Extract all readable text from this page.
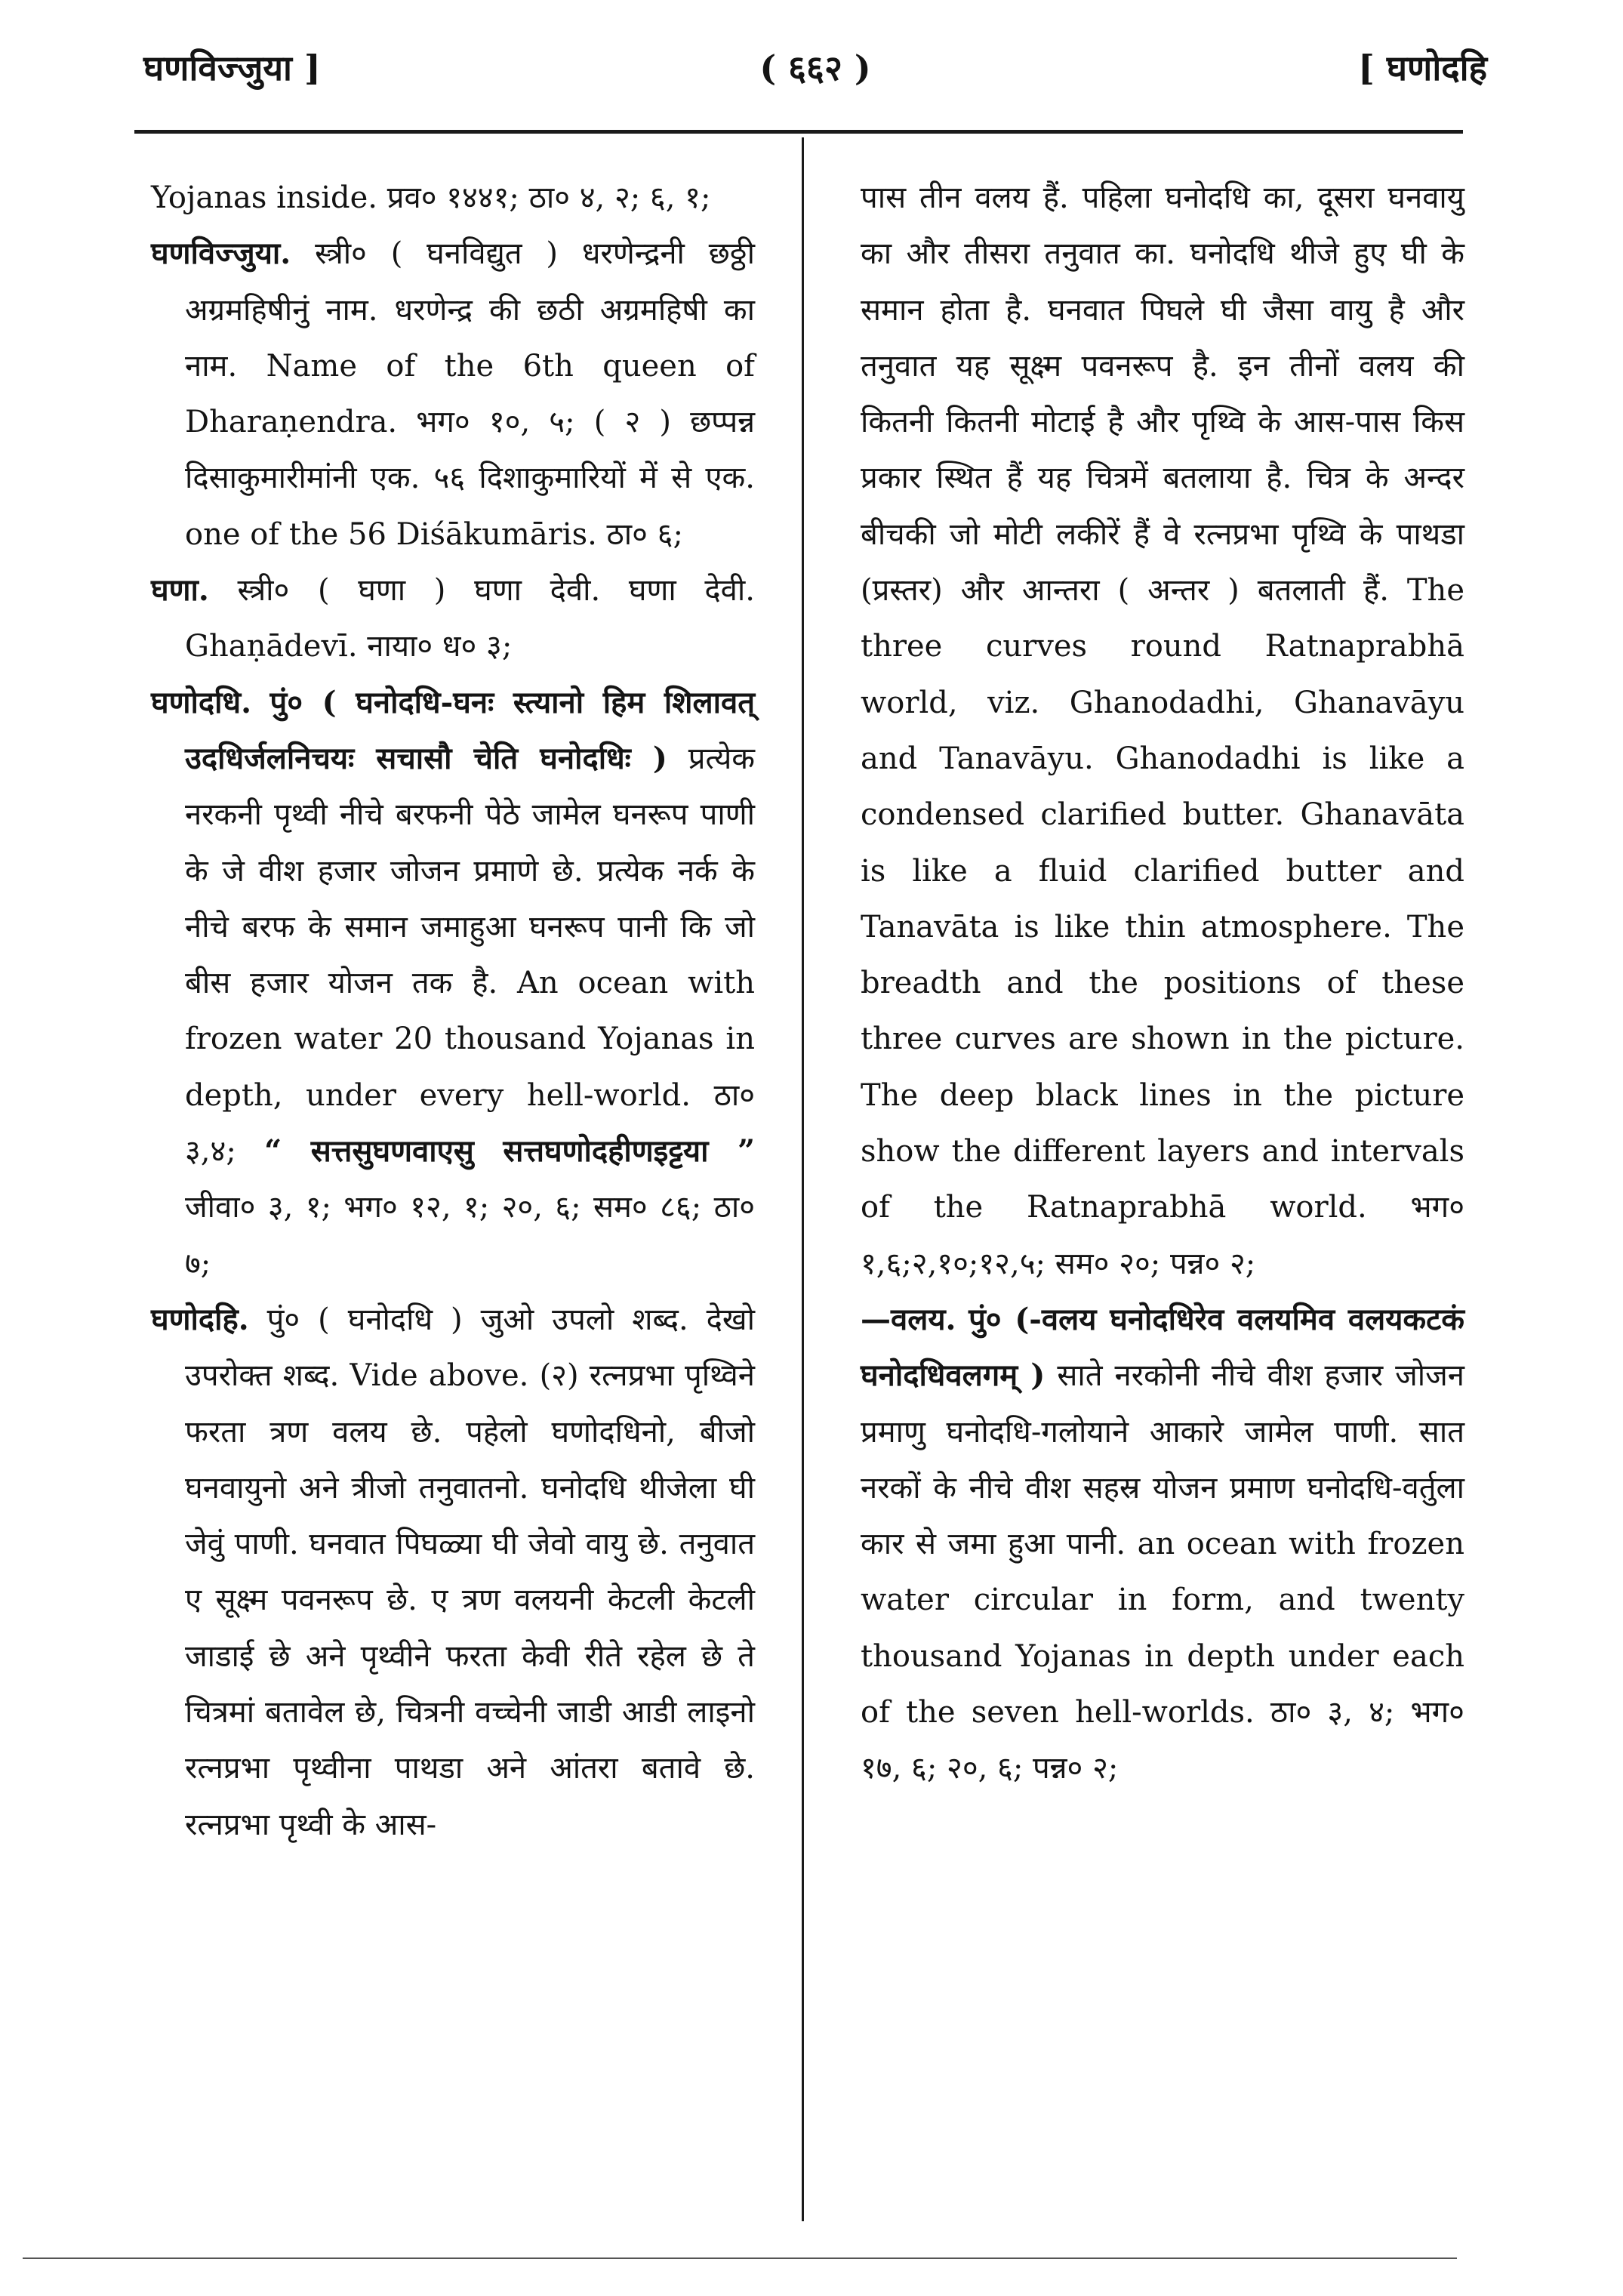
घणविज्जुया ]	( ६६२ )	[ घणोदहि

Yojanas inside. प्रव० १४४१; ठा० ४, २; ६, १;

घणविज्जुया. स्त्री० ( घनविद्युत ) धरणेन्द्रनी छठ्ठी अग्रमहिषीनुं नाम. धरणेन्द्र की छठी अग्रमहिषी का नाम. Name of the 6th queen of Dharaṇendra. भग० १०, ५; ( २ ) छप्पन्न दिसाकुमारीमांनी एक. ५६ दिशाकुमारियों में से एक. one of the 56 Diśākumāris. ठा० ६;

घणा. स्त्री० ( घणा ) घणा देवी. घणा देवी. Ghaṇādevī. नाया० ध० ३;

घणोदधि. पुं० ( घनोदधि-घनः स्त्यानो हिम शिलावत् उदधिर्जलनिचयः सचासौ चेति घनोदधिः ) प्रत्येक नरकनी पृथ्वी नीचे बरफनी पेठे जामेल घनरूप पाणी के जे वीश हजार जोजन प्रमाणे छे. प्रत्येक नर्क के नीचे बरफ के समान जमाहुआ घनरूप पानी कि जो बीस हजार योजन तक है. An ocean with frozen water 20 thousand Yojanas in depth, under every hell-world. ठा० ३,४; “ सत्तसुघणवाएसु सत्तघणोदहीणइट्टया ” जीवा० ३, १; भग० १२, १; २०, ६; सम० ८६; ठा० ७;

घणोदहि. पुं० ( घनोदधि ) जुओ उपलो शब्द. देखो उपरोक्त शब्द. Vide above. (२) रत्नप्रभा पृथ्विने फरता त्रण वलय छे. पहेलो घणोदधिनो, बीजो घनवायुनो अने त्रीजो तनुवातनो. घनोदधि थीजेला घी जेवुं पाणी. घनवात पिघळ्या घी जेवो वायु छे. तनुवात ए सूक्ष्म पवनरूप छे. ए त्रण वलयनी केटली केटली जाडाई छे अने पृथ्वीने फरता केवी रीते रहेल छे ते चित्रमां बतावेल छे, चित्रनी वच्चेनी जाडी आडी लाइनो रत्नप्रभा पृथ्वीना पाथडा अने आंतरा बतावे छे. रत्नप्रभा पृथ्वी के आस-

पास तीन वलय हैं. पहिला घनोदधि का, दूसरा घनवायु का और तीसरा तनुवात का. घनोदधि थीजे हुए घी के समान होता है. घनवात पिघले घी जैसा वायु है और तनुवात यह सूक्ष्म पवनरूप है. इन तीनों वलय की कितनी कितनी मोटाई है और पृथ्वि के आस-पास किस प्रकार स्थित हैं यह चित्रमें बतलाया है. चित्र के अन्दर बीचकी जो मोटी लकीरें हैं वे रत्नप्रभा पृथ्वि के पाथडा (प्रस्तर) और आन्तरा ( अन्तर ) बतलाती हैं. The three curves round Ratnaprabhā world, viz. Ghanodadhi, Ghanavāyu and Tanavāyu. Ghanodadhi is like a condensed clarified butter. Ghanavāta is like a fluid clarified butter and Tanavāta is like thin atmosphere. The breadth and the positions of these three curves are shown in the picture. The deep black lines in the picture show the different layers and intervals of the Ratnaprabhā world. भग० १,६;२,१०;१२,५; सम० २०; पन्न० २;

—वलय. पुं० (-वलय घनोदधिरेव वलयमिव वलयकटकं घनोदधिवलगम् ) साते नरकोनी नीचे वीश हजार जोजन प्रमाणु घनोदधि-गलोयाने आकारे जामेल पाणी. सात नरकों के नीचे वीश सहस्र योजन प्रमाण घनोदधि-वर्तुला कार से जमा हुआ पानी. an ocean with frozen water circular in form, and twenty thousand Yojanas in depth under each of the seven hell-worlds. ठा० ३, ४; भग० १७, ६; २०, ६; पन्न० २;
